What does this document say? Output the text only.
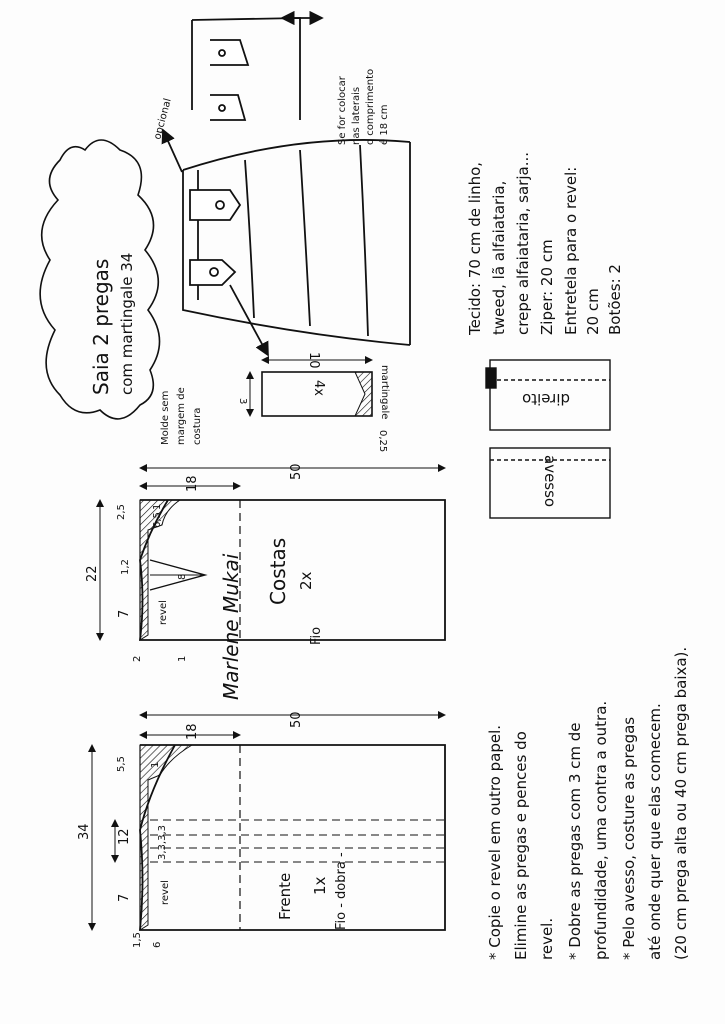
Saia 2 pregas com martingale 34
opcional	Se for colocar nas laterais o comprimento é 18 cm
Molde sem margem de costura
4x	martingale
10
3
0,25
Tecido: 70 cm de linho, tweed, lã alfaiataria, crepe alfaiataria, sarja... Ziper: 20 cm Entretela para o revel: 20 cm Botões: 2
direito
avesso
Costas 2x
Fio
revel
50
18
2,5
6,5
22
7
1,2
8
2	1
1
Marlene Mukai
Frente 1x Fio - dobra -
revel
50
18
5,5 1
34 12	3,3,3,3
7
6
1,5	* Copie o revel em outro papel. Elimine as pregas e pences do revel. * Dobre as pregas com 3 cm de profundidade, uma contra a outra. * Pelo avesso, costure as pregas até onde quer que elas comecem. (20 cm prega alta ou 40 cm prega baixa).
